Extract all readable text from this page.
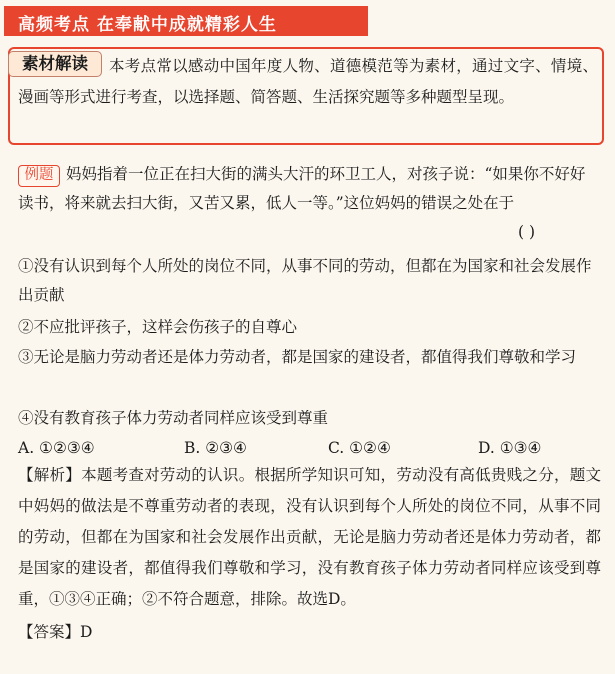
高频考点 在奉献中成就精彩人生
本考点常以感动中国年度人物、道德模范等为素材，通过文字、情境、漫画等形式进行考查，以选择题、简答题、生活探究题等多种题型呈现。
素材解读
妈妈指着一位正在扫大街的满头大汗的环卫工人，对孩子说：“如果你不好好读书，将来就去扫大街，又苦又累，低人一等。”这位妈妈的错误之处在于
例题
( )
①没有认识到每个人所处的岗位不同，从事不同的劳动，但都在为国家和社会发展作出贡献
②不应批评孩子，这样会伤孩子的自尊心
③无论是脑力劳动者还是体力劳动者，都是国家的建设者，都值得我们尊敬和学习
④没有教育孩子体力劳动者同样应该受到尊重
A. ①②③④	B. ②③④	C. ①②④	D. ①③④
【解析】本题考查对劳动的认识。根据所学知识可知，劳动没有高低贵贱之分，题文中妈妈的做法是不尊重劳动者的表现，没有认识到每个人所处的岗位不同，从事不同的劳动，但都在为国家和社会发展作出贡献，无论是脑力劳动者还是体力劳动者，都是国家的建设者，都值得我们尊敬和学习，没有教育孩子体力劳动者同样应该受到尊重，①③④正确；②不符合题意，排除。故选D。
【答案】D
